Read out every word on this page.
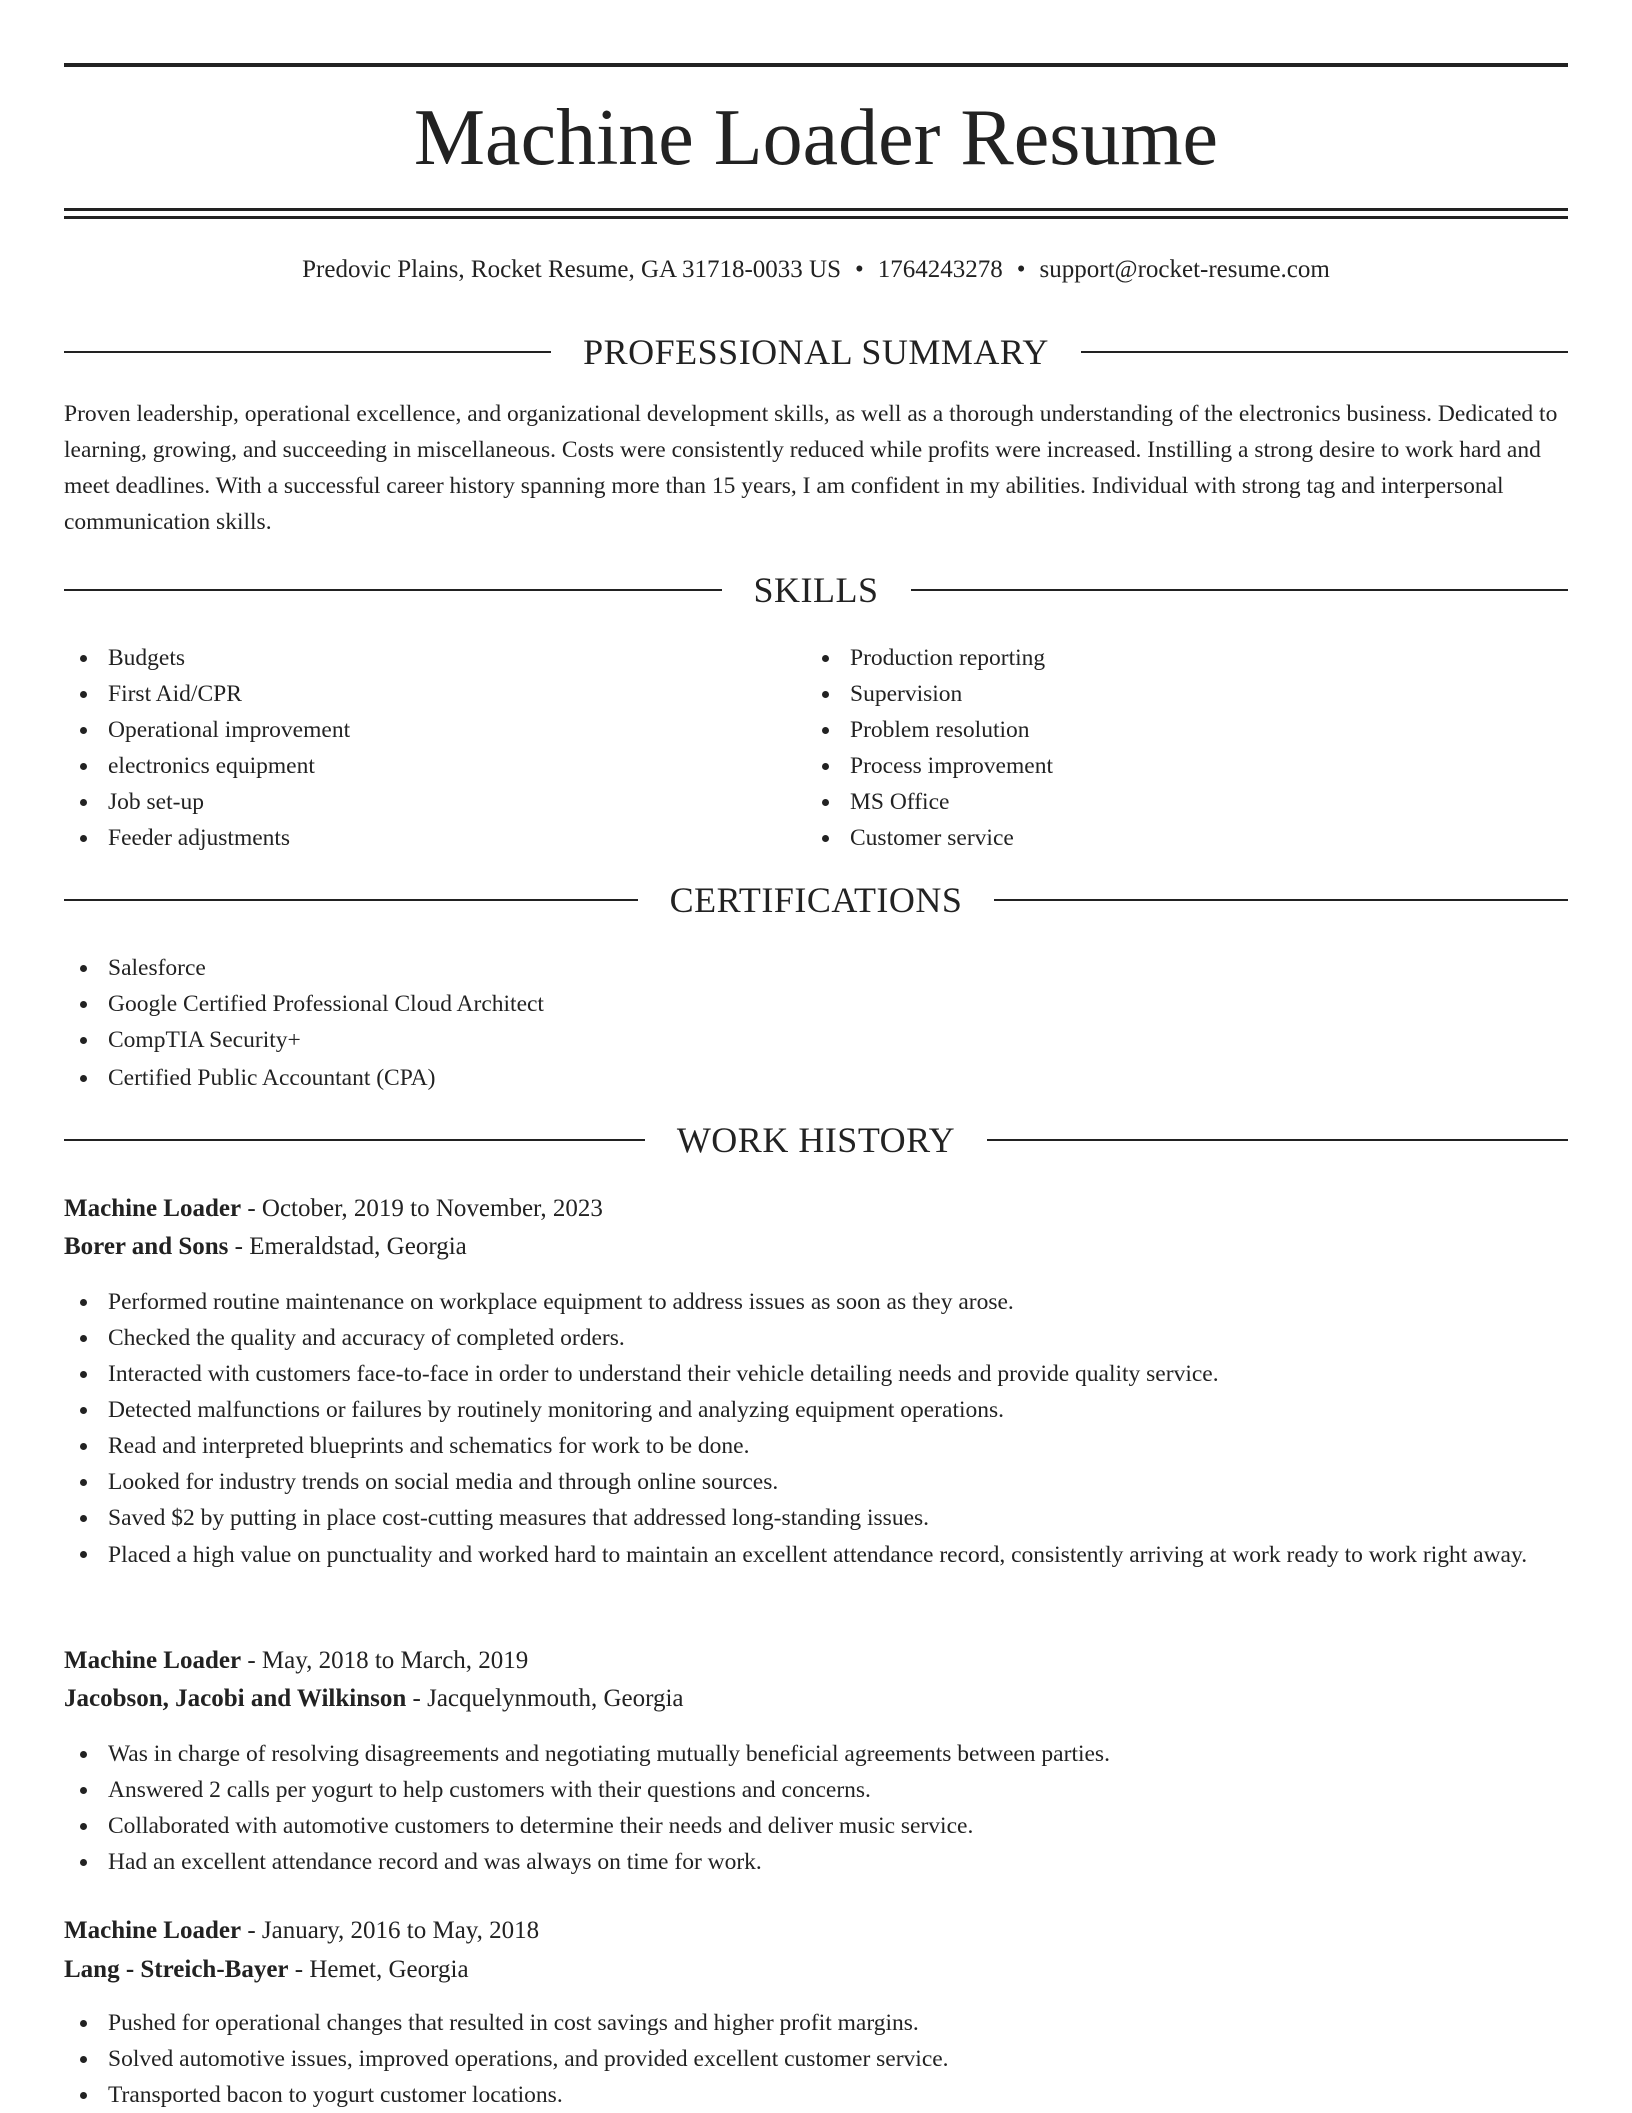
Machine Loader Resume
Predovic Plains, Rocket Resume, GA 31718-0033 US • 1764243278 • support@rocket-resume.com
PROFESSIONAL SUMMARY

Proven leadership, operational excellence, and organizational development skills, as well as a thorough understanding of the electronics business. Dedicated to learning, growing, and succeeding in miscellaneous. Costs were consistently reduced while profits were increased. Instilling a strong desire to work hard and meet deadlines. With a successful career history spanning more than 15 years, I am confident in my abilities. Individual with strong tag and interpersonal communication skills.

SKILLS
Budgets
First Aid/CPR
Operational improvement
electronics equipment
Job set-up
Feeder adjustments
Production reporting
Supervision
Problem resolution
Process improvement
MS Office
Customer service
CERTIFICATIONS
Salesforce
Google Certified Professional Cloud Architect
CompTIA Security+
Certified Public Accountant (CPA)
WORK HISTORY
Machine Loader - October, 2019 to November, 2023
Borer and Sons - Emeraldstad, Georgia
Performed routine maintenance on workplace equipment to address issues as soon as they arose.
Checked the quality and accuracy of completed orders.
Interacted with customers face-to-face in order to understand their vehicle detailing needs and provide quality service.
Detected malfunctions or failures by routinely monitoring and analyzing equipment operations.
Read and interpreted blueprints and schematics for work to be done.
Looked for industry trends on social media and through online sources.
Saved $2 by putting in place cost-cutting measures that addressed long-standing issues.
Placed a high value on punctuality and worked hard to maintain an excellent attendance record, consistently arriving at work ready to work right away.
Machine Loader - May, 2018 to March, 2019
Jacobson, Jacobi and Wilkinson - Jacquelynmouth, Georgia
Was in charge of resolving disagreements and negotiating mutually beneficial agreements between parties.
Answered 2 calls per yogurt to help customers with their questions and concerns.
Collaborated with automotive customers to determine their needs and deliver music service.
Had an excellent attendance record and was always on time for work.
Machine Loader - January, 2016 to May, 2018
Lang - Streich-Bayer - Hemet, Georgia
Pushed for operational changes that resulted in cost savings and higher profit margins.
Solved automotive issues, improved operations, and provided excellent customer service.
Transported bacon to yogurt customer locations.
